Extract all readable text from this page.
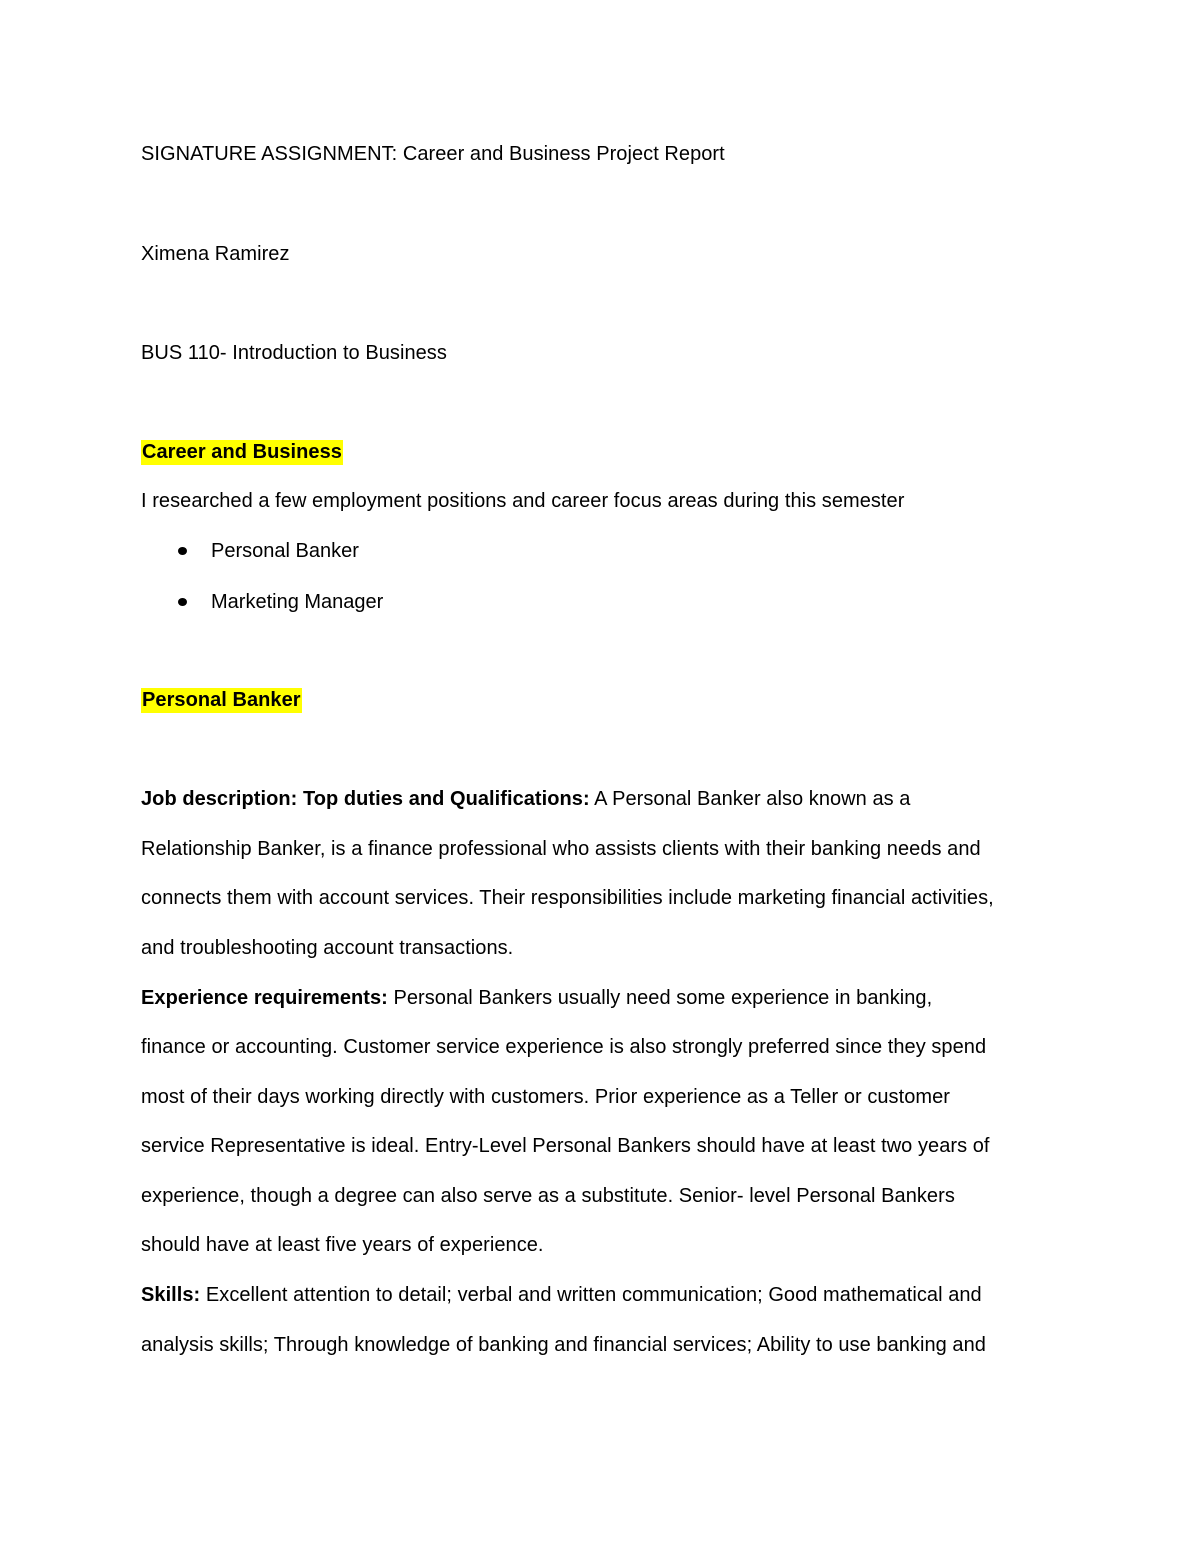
SIGNATURE ASSIGNMENT: Career and Business Project Report
Ximena Ramirez
BUS 110- Introduction to Business
Career and Business
I researched a few employment positions and career focus areas during this semester
Personal Banker
Marketing Manager
Personal Banker
Job description: Top duties and Qualifications: A Personal Banker also known as a
Relationship Banker, is a finance professional who assists clients with their banking needs and
connects them with account services. Their responsibilities include marketing financial activities,
and troubleshooting account transactions.
Experience requirements: Personal Bankers usually need some experience in banking,
finance or accounting. Customer service experience is also strongly preferred since they spend
most of their days working directly with customers. Prior experience as a Teller or customer
service Representative is ideal. Entry-Level Personal Bankers should have at least two years of
experience, though a degree can also serve as a substitute. Senior- level Personal Bankers
should have at least five years of experience.
Skills: Excellent attention to detail; verbal and written communication; Good mathematical and
analysis skills; Through knowledge of banking and financial services; Ability to use banking and
